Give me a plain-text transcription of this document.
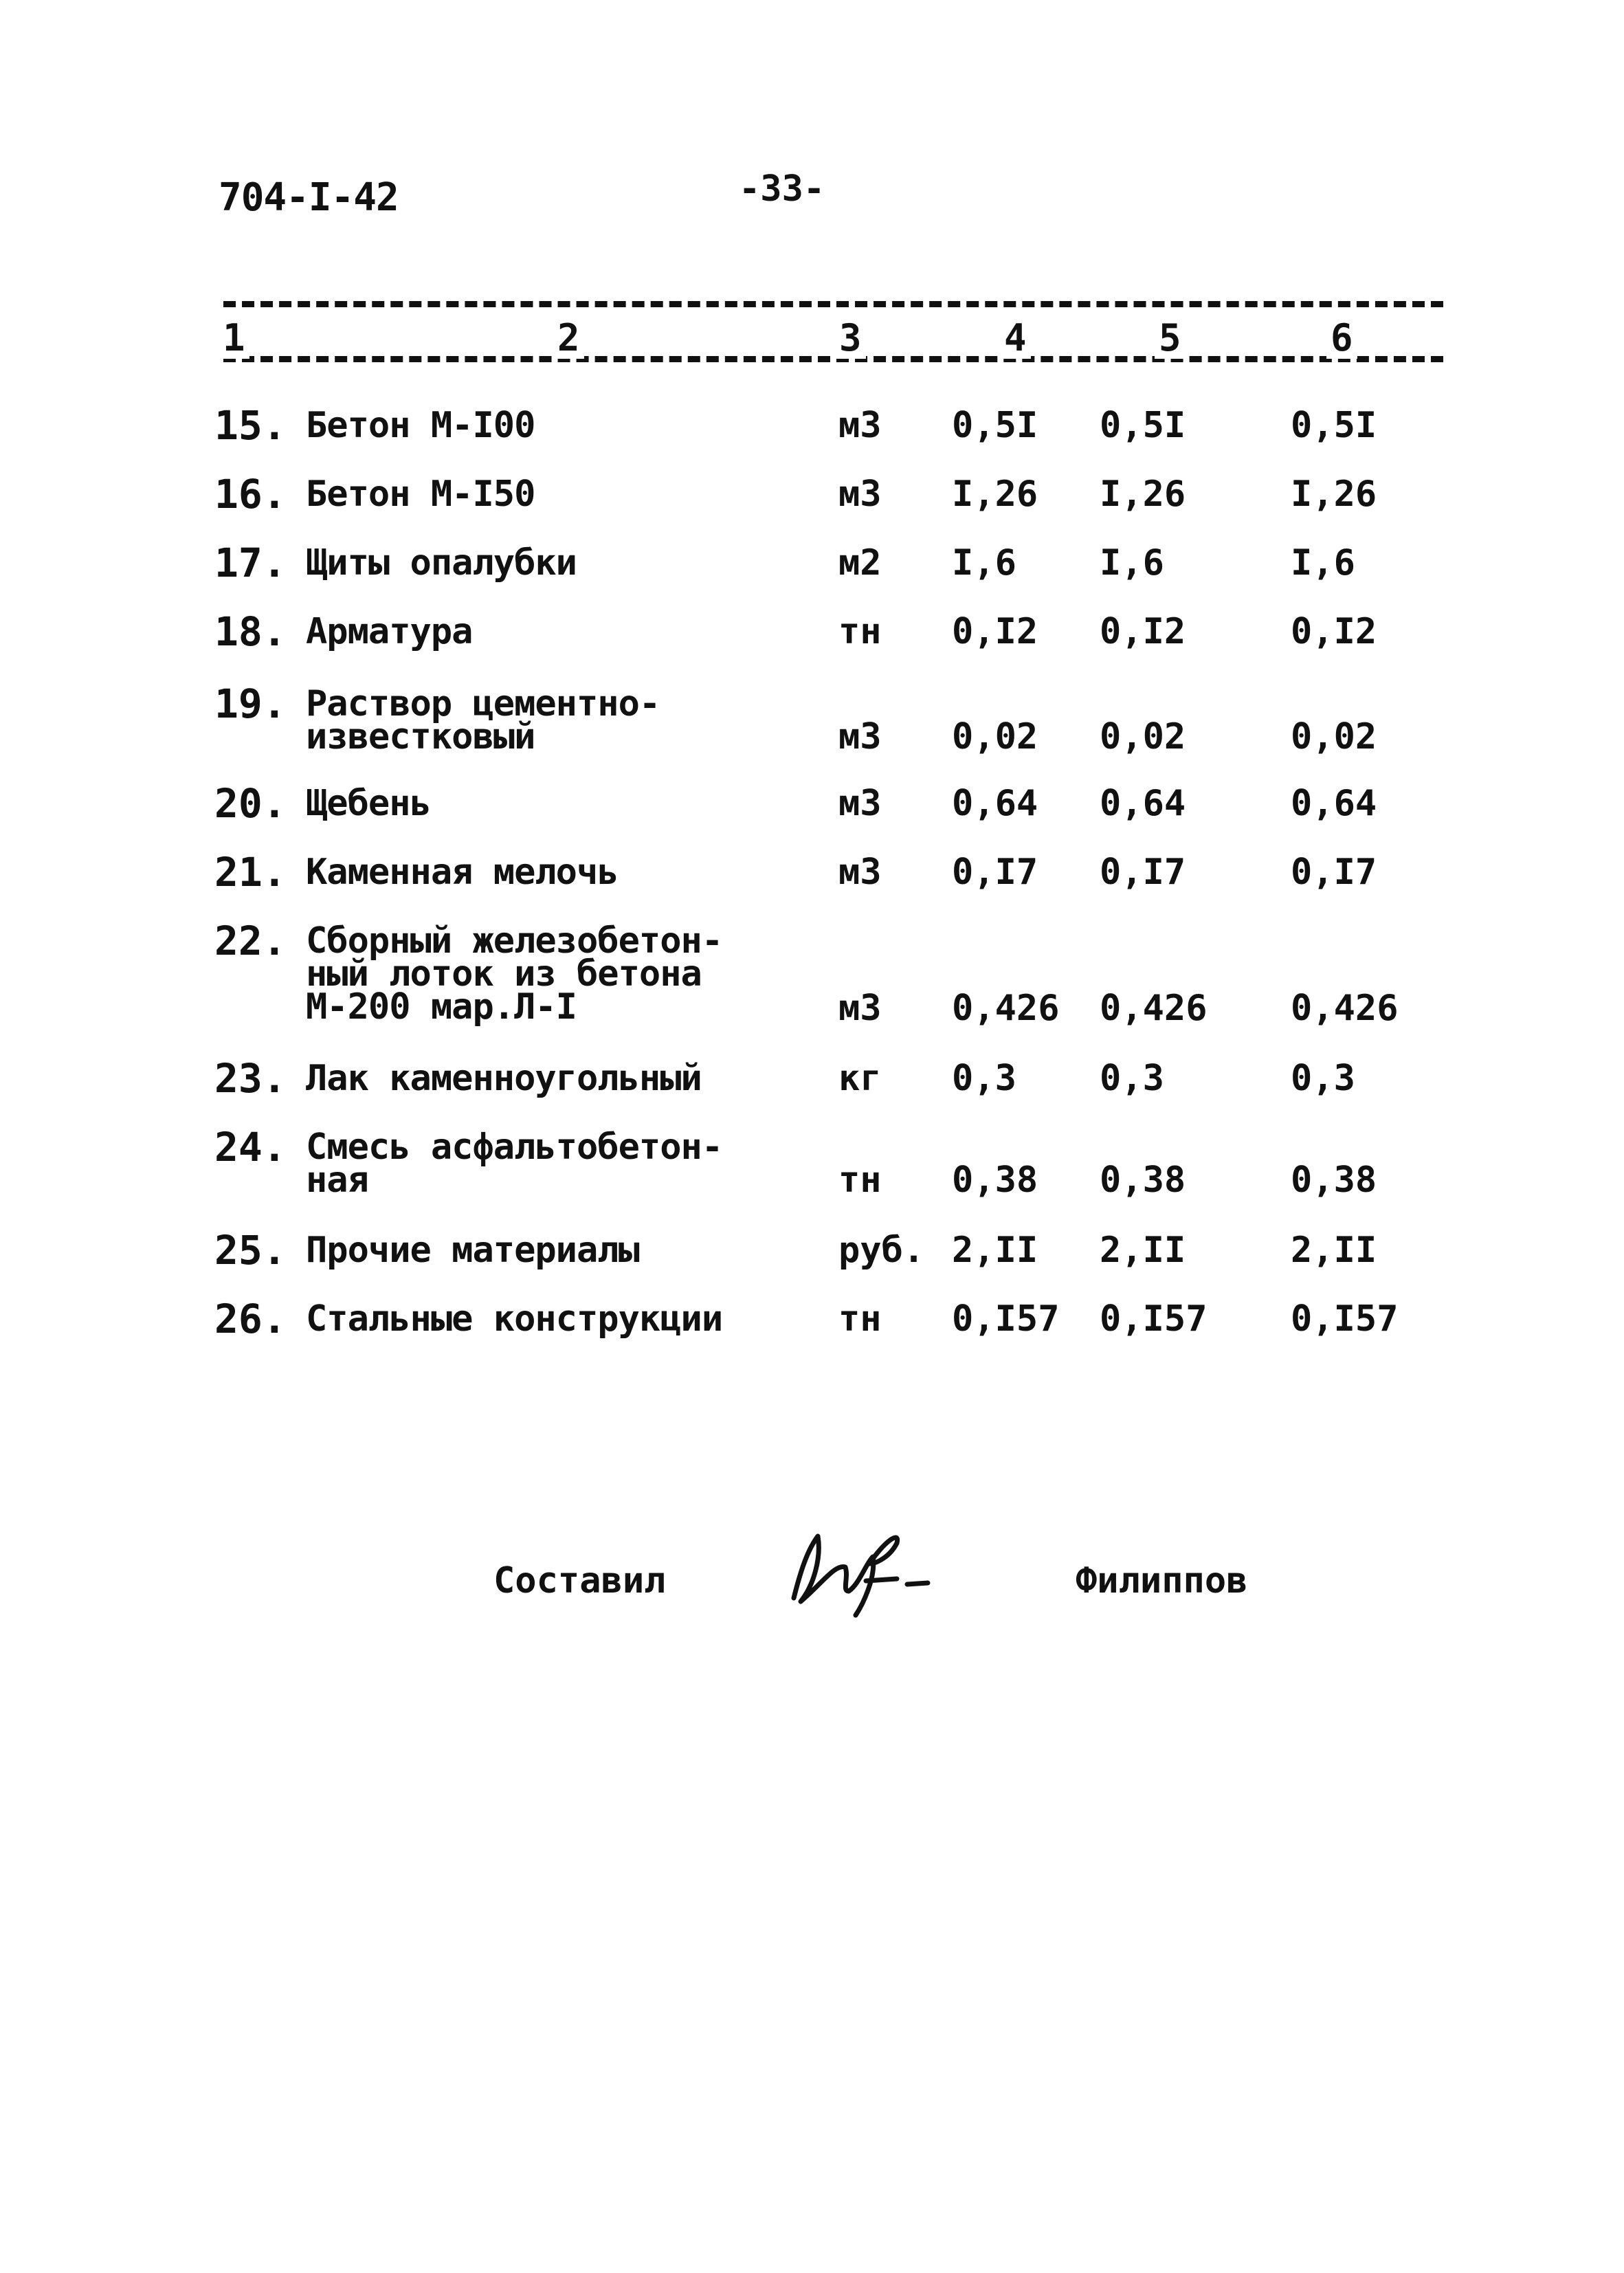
704-I-42	-33-
1	2	3	4	5	6
15. Бетон М-I00	м3	0,5I	0,5I	0,5I
16. Бетон М-I50	м3	I,26	I,26	I,26
17. Щиты опалубки	м2	I,6	I,6	I,6
18. Арматура	тн	0,I2	0,I2	0,I2
19. Раствор цементно-
известковый	м3	0,02	0,02	0,02
20. Щебень	м3	0,64	0,64	0,64
21. Каменная мелочь	м3	0,I7	0,I7	0,I7
22. Сборный железобетон-
ный лоток из бетона
М-200 мар.Л-I	м3	0,426	0,426	0,426
23. Лак каменноугольный	кг	0,3	0,3	0,3
24. Смесь асфальтобетон-
ная	тн	0,38	0,38	0,38
25. Прочие материалы	руб. 2,II	2,II	2,II
26. Стальные конструкции	тн	0,I57	0,I57	0,I57
Составил	Филиппов
